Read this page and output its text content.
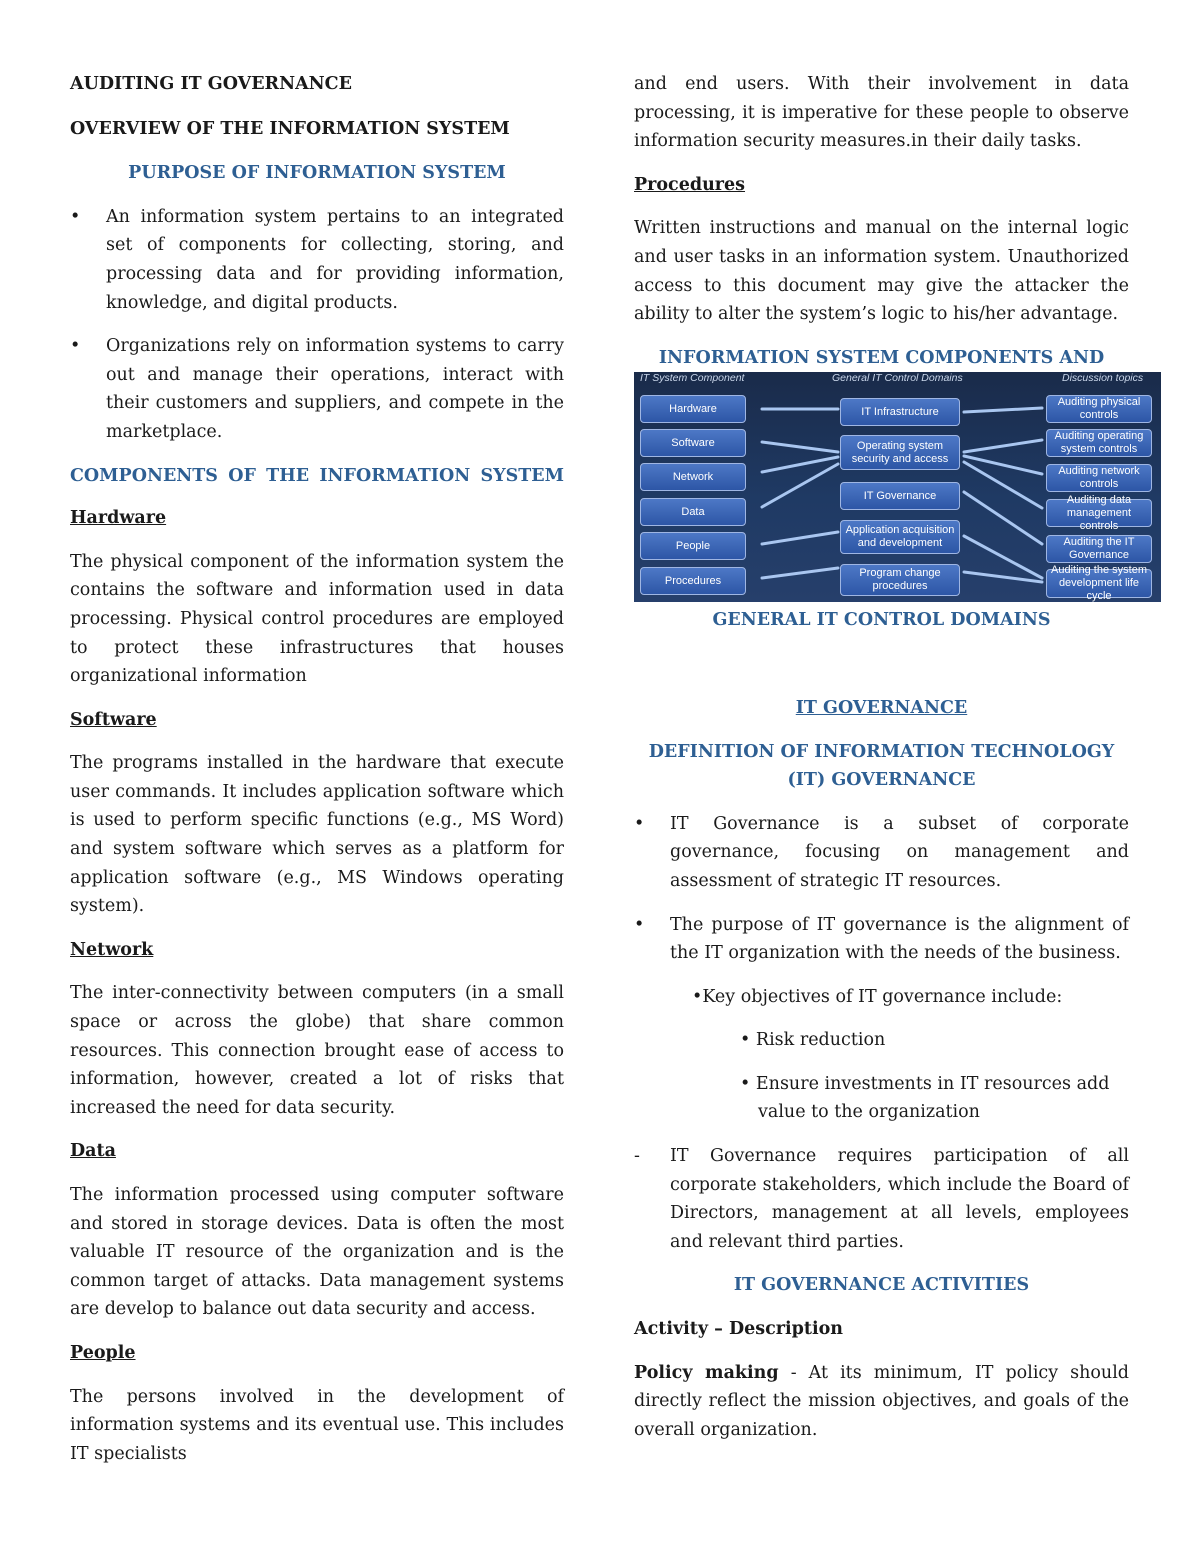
AUDITING IT GOVERNANCE

OVERVIEW OF THE INFORMATION SYSTEM

PURPOSE OF INFORMATION SYSTEM

• An information system pertains to an integrated set of components for collecting, storing, and processing data and for providing information, knowledge, and digital products.
• Organizations rely on information systems to carry out and manage their operations, interact with their customers and suppliers, and compete in the marketplace.

COMPONENTS OF THE INFORMATION SYSTEM

Hardware

The physical component of the information system the contains the software and information used in data processing. Physical control procedures are employed to protect these infrastructures that houses organizational information

Software

The programs installed in the hardware that execute user commands. It includes application software which is used to perform specific functions (e.g., MS Word) and system software which serves as a platform for application software (e.g., MS Windows operating system).

Network

The inter-connectivity between computers (in a small space or across the globe) that share common resources. This connection brought ease of access to information, however, created a lot of risks that increased the need for data security.

Data

The information processed using computer software and stored in storage devices. Data is often the most valuable IT resource of the organization and is the common target of attacks. Data management systems are develop to balance out data security and access.

People

The persons involved in the development of information systems and its eventual use. This includes IT specialists

and end users. With their involvement in data processing, it is imperative for these people to observe information security measures.in their daily tasks.

Procedures

Written instructions and manual on the internal logic and user tasks in an information system. Unauthorized access to this document may give the attacker the ability to alter the system’s logic to his/her advantage.

INFORMATION SYSTEM COMPONENTS AND

IT System Component	General IT Control Domains	Discussion topics
Hardware
Software
Network
Data
People
Procedures
IT Infrastructure
Operating system security and access
IT Governance
Application acquisition and development
Program change procedures
Auditing physical controls
Auditing operating system controls
Auditing network controls
Auditing data management controls
Auditing the IT Governance
Auditing the system development life cycle

GENERAL IT CONTROL DOMAINS

IT GOVERNANCE

DEFINITION OF INFORMATION TECHNOLOGY (IT) GOVERNANCE

• IT Governance is a subset of corporate governance, focusing on management and assessment of strategic IT resources.
• The purpose of IT governance is the alignment of the IT organization with the needs of the business.
•Key objectives of IT governance include:
• Risk reduction
• Ensure investments in IT resources add value to the organization
- IT Governance requires participation of all corporate stakeholders, which include the Board of Directors, management at all levels, employees and relevant third parties.

IT GOVERNANCE ACTIVITIES

Activity – Description

Policy making - At its minimum, IT policy should directly reflect the mission objectives, and goals of the overall organization.
